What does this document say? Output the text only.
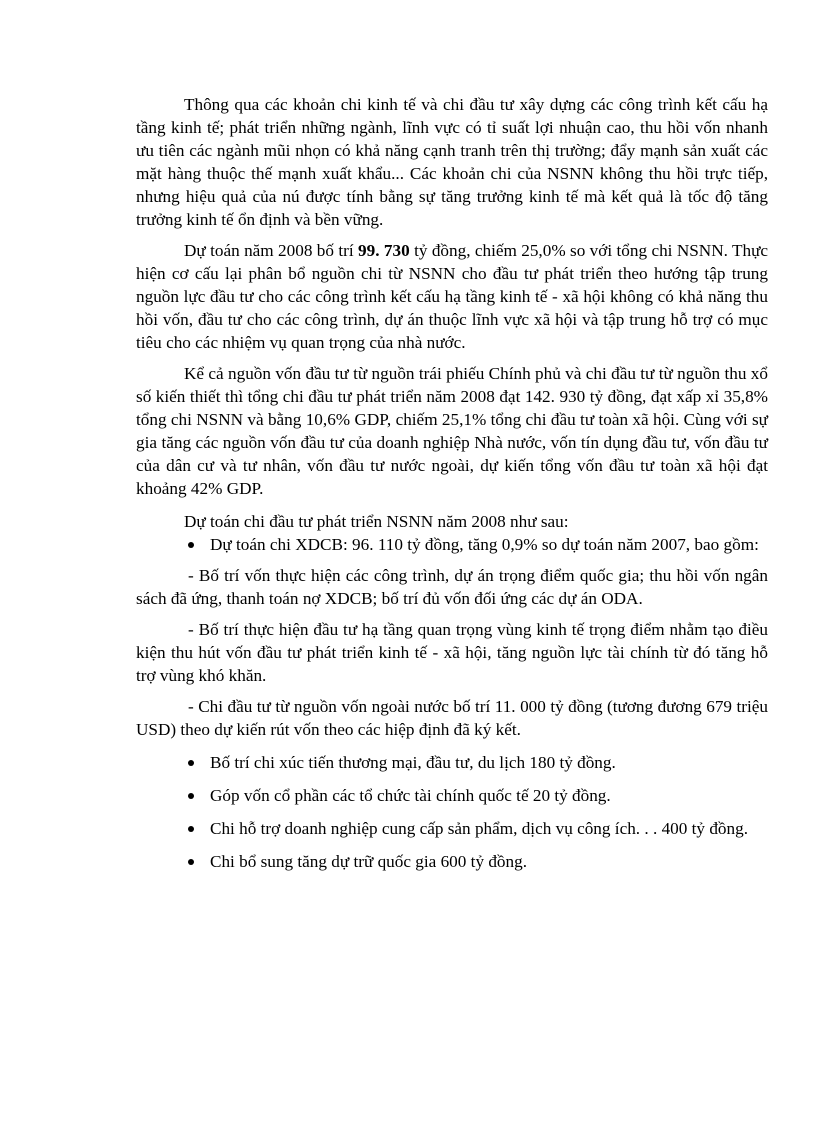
Thông qua các khoản chi kinh tế và chi đầu tư xây dựng các công trình kết cấu hạ tầng kinh tế; phát triển những ngành, lĩnh vực có tỉ suất lợi nhuận cao, thu hồi vốn nhanh ưu tiên các ngành mũi nhọn có khả năng cạnh tranh trên thị trường; đẩy mạnh sản xuất các mặt hàng thuộc thế mạnh xuất khẩu... Các khoản chi của NSNN không thu hồi trực tiếp, nhưng hiệu quả của nú được tính bằng sự tăng trưởng kinh tế mà kết quả là tốc độ tăng trưởng kinh tế ổn định và bền vững.

Dự toán năm 2008 bố trí 99. 730 tỷ đồng, chiếm 25,0% so với tổng chi NSNN. Thực hiện cơ cấu lại phân bổ nguồn chi từ NSNN cho đầu tư phát triển theo hướng tập trung nguồn lực đầu tư cho các công trình kết cấu hạ tầng kinh tế - xã hội không có khả năng thu hồi vốn, đầu tư cho các công trình, dự án thuộc lĩnh vực xã hội và tập trung hỗ trợ có mục tiêu cho các nhiệm vụ quan trọng của nhà nước.

Kể cả nguồn vốn đầu tư từ nguồn trái phiếu Chính phủ và chi đầu tư từ nguồn thu xổ số kiến thiết thì tổng chi đầu tư phát triển năm 2008 đạt 142. 930 tỷ đồng, đạt xấp xỉ 35,8% tổng chi NSNN và bằng 10,6% GDP, chiếm 25,1% tổng chi đầu tư toàn xã hội. Cùng với sự gia tăng các nguồn vốn đầu tư của doanh nghiệp Nhà nước, vốn tín dụng đầu tư, vốn đầu tư của dân cư và tư nhân, vốn đầu tư nước ngoài, dự kiến tổng vốn đầu tư toàn xã hội đạt khoảng 42% GDP.

Dự toán chi đầu tư phát triển NSNN năm 2008 như sau:

Dự toán chi XDCB: 96. 110 tỷ đồng, tăng 0,9% so dự toán năm 2007, bao gồm:

- Bố trí vốn thực hiện các công trình, dự án trọng điểm quốc gia; thu hồi vốn ngân sách đã ứng, thanh toán nợ XDCB; bố trí đủ vốn đối ứng các dự án ODA.

- Bố trí thực hiện đầu tư hạ tầng quan trọng vùng kinh tế trọng điểm nhằm tạo điều kiện thu hút vốn đầu tư phát triển kinh tế - xã hội, tăng nguồn lực tài chính từ đó tăng hỗ trợ vùng khó khăn.

- Chi đầu tư từ nguồn vốn ngoài nước bố trí 11. 000 tỷ đồng (tương đương 679 triệu USD) theo dự kiến rút vốn theo các hiệp định đã ký kết.

Bố trí chi xúc tiến thương mại, đầu tư, du lịch 180 tỷ đồng.
Góp vốn cổ phần các tổ chức tài chính quốc tế 20 tỷ đồng.
Chi hỗ trợ doanh nghiệp cung cấp sản phẩm, dịch vụ công ích. . . 400 tỷ đồng.
Chi bổ sung tăng dự trữ quốc gia 600 tỷ đồng.
